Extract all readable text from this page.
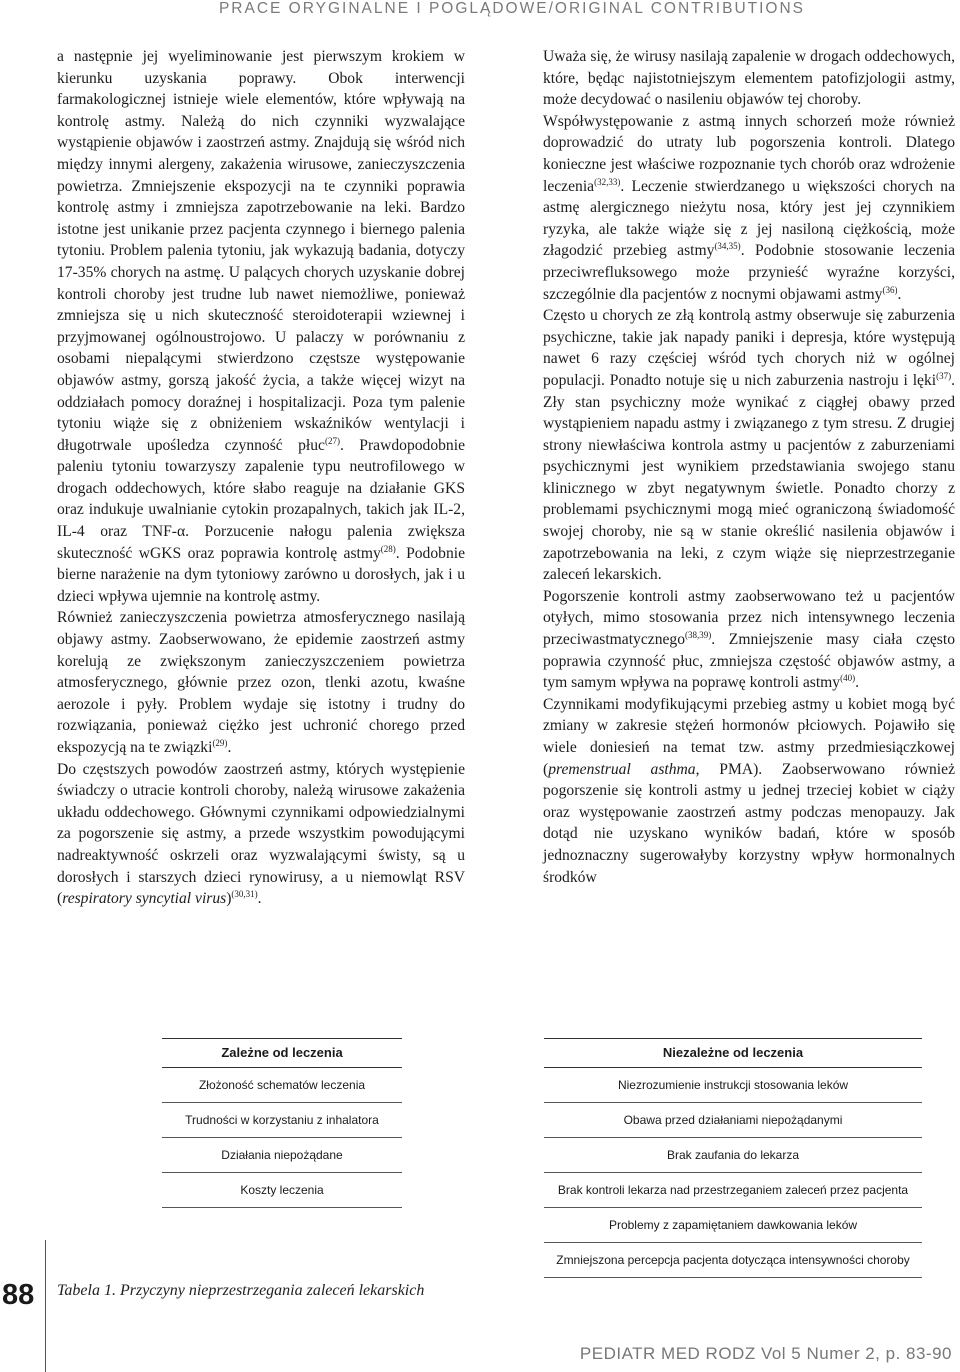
PRACE ORYGINALNE I POGLĄDOWE/ORIGINAL CONTRIBUTIONS

a następnie jej wyeliminowanie jest pierwszym krokiem w kierunku uzyskania poprawy. Obok interwencji farmakologicznej istnieje wiele elementów, które wpływają na kontrolę astmy. Należą do nich czynniki wyzwalające wystąpienie objawów i zaostrzeń astmy. Znajdują się wśród nich między innymi alergeny, zakażenia wirusowe, zanieczyszczenia powietrza. Zmniejszenie ekspozycji na te czynniki poprawia kontrolę astmy i zmniejsza zapotrzebowanie na leki. Bardzo istotne jest unikanie przez pacjenta czynnego i biernego palenia tytoniu. Problem palenia tytoniu, jak wykazują badania, dotyczy 17-35% chorych na astmę. U palących chorych uzyskanie dobrej kontroli choroby jest trudne lub nawet niemożliwe, ponieważ zmniejsza się u nich skuteczność steroidoterapii wziewnej i przyjmowanej ogólnoustrojowo. U palaczy w porównaniu z osobami niepalącymi stwierdzono częstsze występowanie objawów astmy, gorszą jakość życia, a także więcej wizyt na oddziałach pomocy doraźnej i hospitalizacji. Poza tym palenie tytoniu wiąże się z obniżeniem wskaźników wentylacji i długotrwale upośledza czynność płuc$^{(27)}$. Prawdopodobnie paleniu tytoniu towarzyszy zapalenie typu neutrofilowego w drogach oddechowych, które słabo reaguje na działanie GKS oraz indukuje uwalnianie cytokin prozapalnych, takich jak IL-2, IL-4 oraz TNF-α. Porzucenie nałogu palenia zwiększa skuteczność wGKS oraz poprawia kontrolę astmy$^{(28)}$. Podobnie bierne narażenie na dym tytoniowy zarówno u dorosłych, jak i u dzieci wpływa ujemnie na kontrolę astmy.

Również zanieczyszczenia powietrza atmosferycznego nasilają objawy astmy. Zaobserwowano, że epidemie zaostrzeń astmy korelują ze zwiększonym zanieczyszczeniem powietrza atmosferycznego, głównie przez ozon, tlenki azotu, kwaśne aerozole i pyły. Problem wydaje się istotny i trudny do rozwiązania, ponieważ ciężko jest uchronić chorego przed ekspozycją na te związki$^{(29)}$.

Do częstszych powodów zaostrzeń astmy, których występienie świadczy o utracie kontroli choroby, należą wirusowe zakażenia układu oddechowego. Głównymi czynnikami odpowiedzialnymi za pogorszenie się astmy, a przede wszystkim powodującymi nadreaktywność oskrzeli oraz wyzwalającymi świsty, są u dorosłych i starszych dzieci rynowirusy, a u niemowląt RSV (respiratory syncytial virus)$^{(30,31)}$.

Uważa się, że wirusy nasilają zapalenie w drogach oddechowych, które, będąc najistotniejszym elementem patofizjologii astmy, może decydować o nasileniu objawów tej choroby.

Współwystępowanie z astmą innych schorzeń może również doprowadzić do utraty lub pogorszenia kontroli. Dlatego konieczne jest właściwe rozpoznanie tych chorób oraz wdrożenie leczenia$^{(32,33)}$. Leczenie stwierdzanego u większości chorych na astmę alergicznego nieżytu nosa, który jest jej czynnikiem ryzyka, ale także wiąże się z jej nasiloną ciężkością, może złagodzić przebieg astmy$^{(34,35)}$. Podobnie stosowanie leczenia przeciwrefluksowego może przynieść wyraźne korzyści, szczególnie dla pacjentów z nocnymi objawami astmy$^{(36)}$.

Często u chorych ze złą kontrolą astmy obserwuje się zaburzenia psychiczne, takie jak napady paniki i depresja, które występują nawet 6 razy częściej wśród tych chorych niż w ogólnej populacji. Ponadto notuje się u nich zaburzenia nastroju i lęki$^{(37)}$. Zły stan psychiczny może wynikać z ciągłej obawy przed wystąpieniem napadu astmy i związanego z tym stresu. Z drugiej strony niewłaściwa kontrola astmy u pacjentów z zaburzeniami psychicznymi jest wynikiem przedstawiania swojego stanu klinicznego w zbyt negatywnym świetle. Ponadto chorzy z problemami psychicznymi mogą mieć ograniczoną świadomość swojej choroby, nie są w stanie określić nasilenia objawów i zapotrzebowania na leki, z czym wiąże się nieprzestrzeganie zaleceń lekarskich.

Pogorszenie kontroli astmy zaobserwowano też u pacjentów otyłych, mimo stosowania przez nich intensywnego leczenia przeciwastmatycznego$^{(38,39)}$. Zmniejszenie masy ciała często poprawia czynność płuc, zmniejsza częstość objawów astmy, a tym samym wpływa na poprawę kontroli astmy$^{(40)}$.

Czynnikami modyfikującymi przebieg astmy u kobiet mogą być zmiany w zakresie stężeń hormonów płciowych. Pojawiło się wiele doniesień na temat tzw. astmy przedmiesiączkowej (premenstrual asthma, PMA). Zaobserwowano również pogorszenie się kontroli astmy u jednej trzeciej kobiet w ciąży oraz występowanie zaostrzeń astmy podczas menopauzy. Jak dotąd nie uzyskano wyników badań, które w sposób jednoznaczny sugerowałyby korzystny wpływ hormonalnych środków

Zależne od leczenia
Złożoność schematów leczenia
Trudności w korzystaniu z inhalatora
Działania niepożądane
Koszty leczenia
Niezależne od leczenia
Niezrozumienie instrukcji stosowania leków
Obawa przed działaniami niepożądanymi
Brak zaufania do lekarza
Brak kontroli lekarza nad przestrzeganiem zaleceń przez pacjenta
Problemy z zapamiętaniem dawkowania leków
Zmniejszona percepcja pacjenta dotycząca intensywności choroby
88 Tabela 1. Przyczyny nieprzestrzegania zaleceń lekarskich
PEDIATR MED RODZ Vol 5 Numer 2, p. 83-90
